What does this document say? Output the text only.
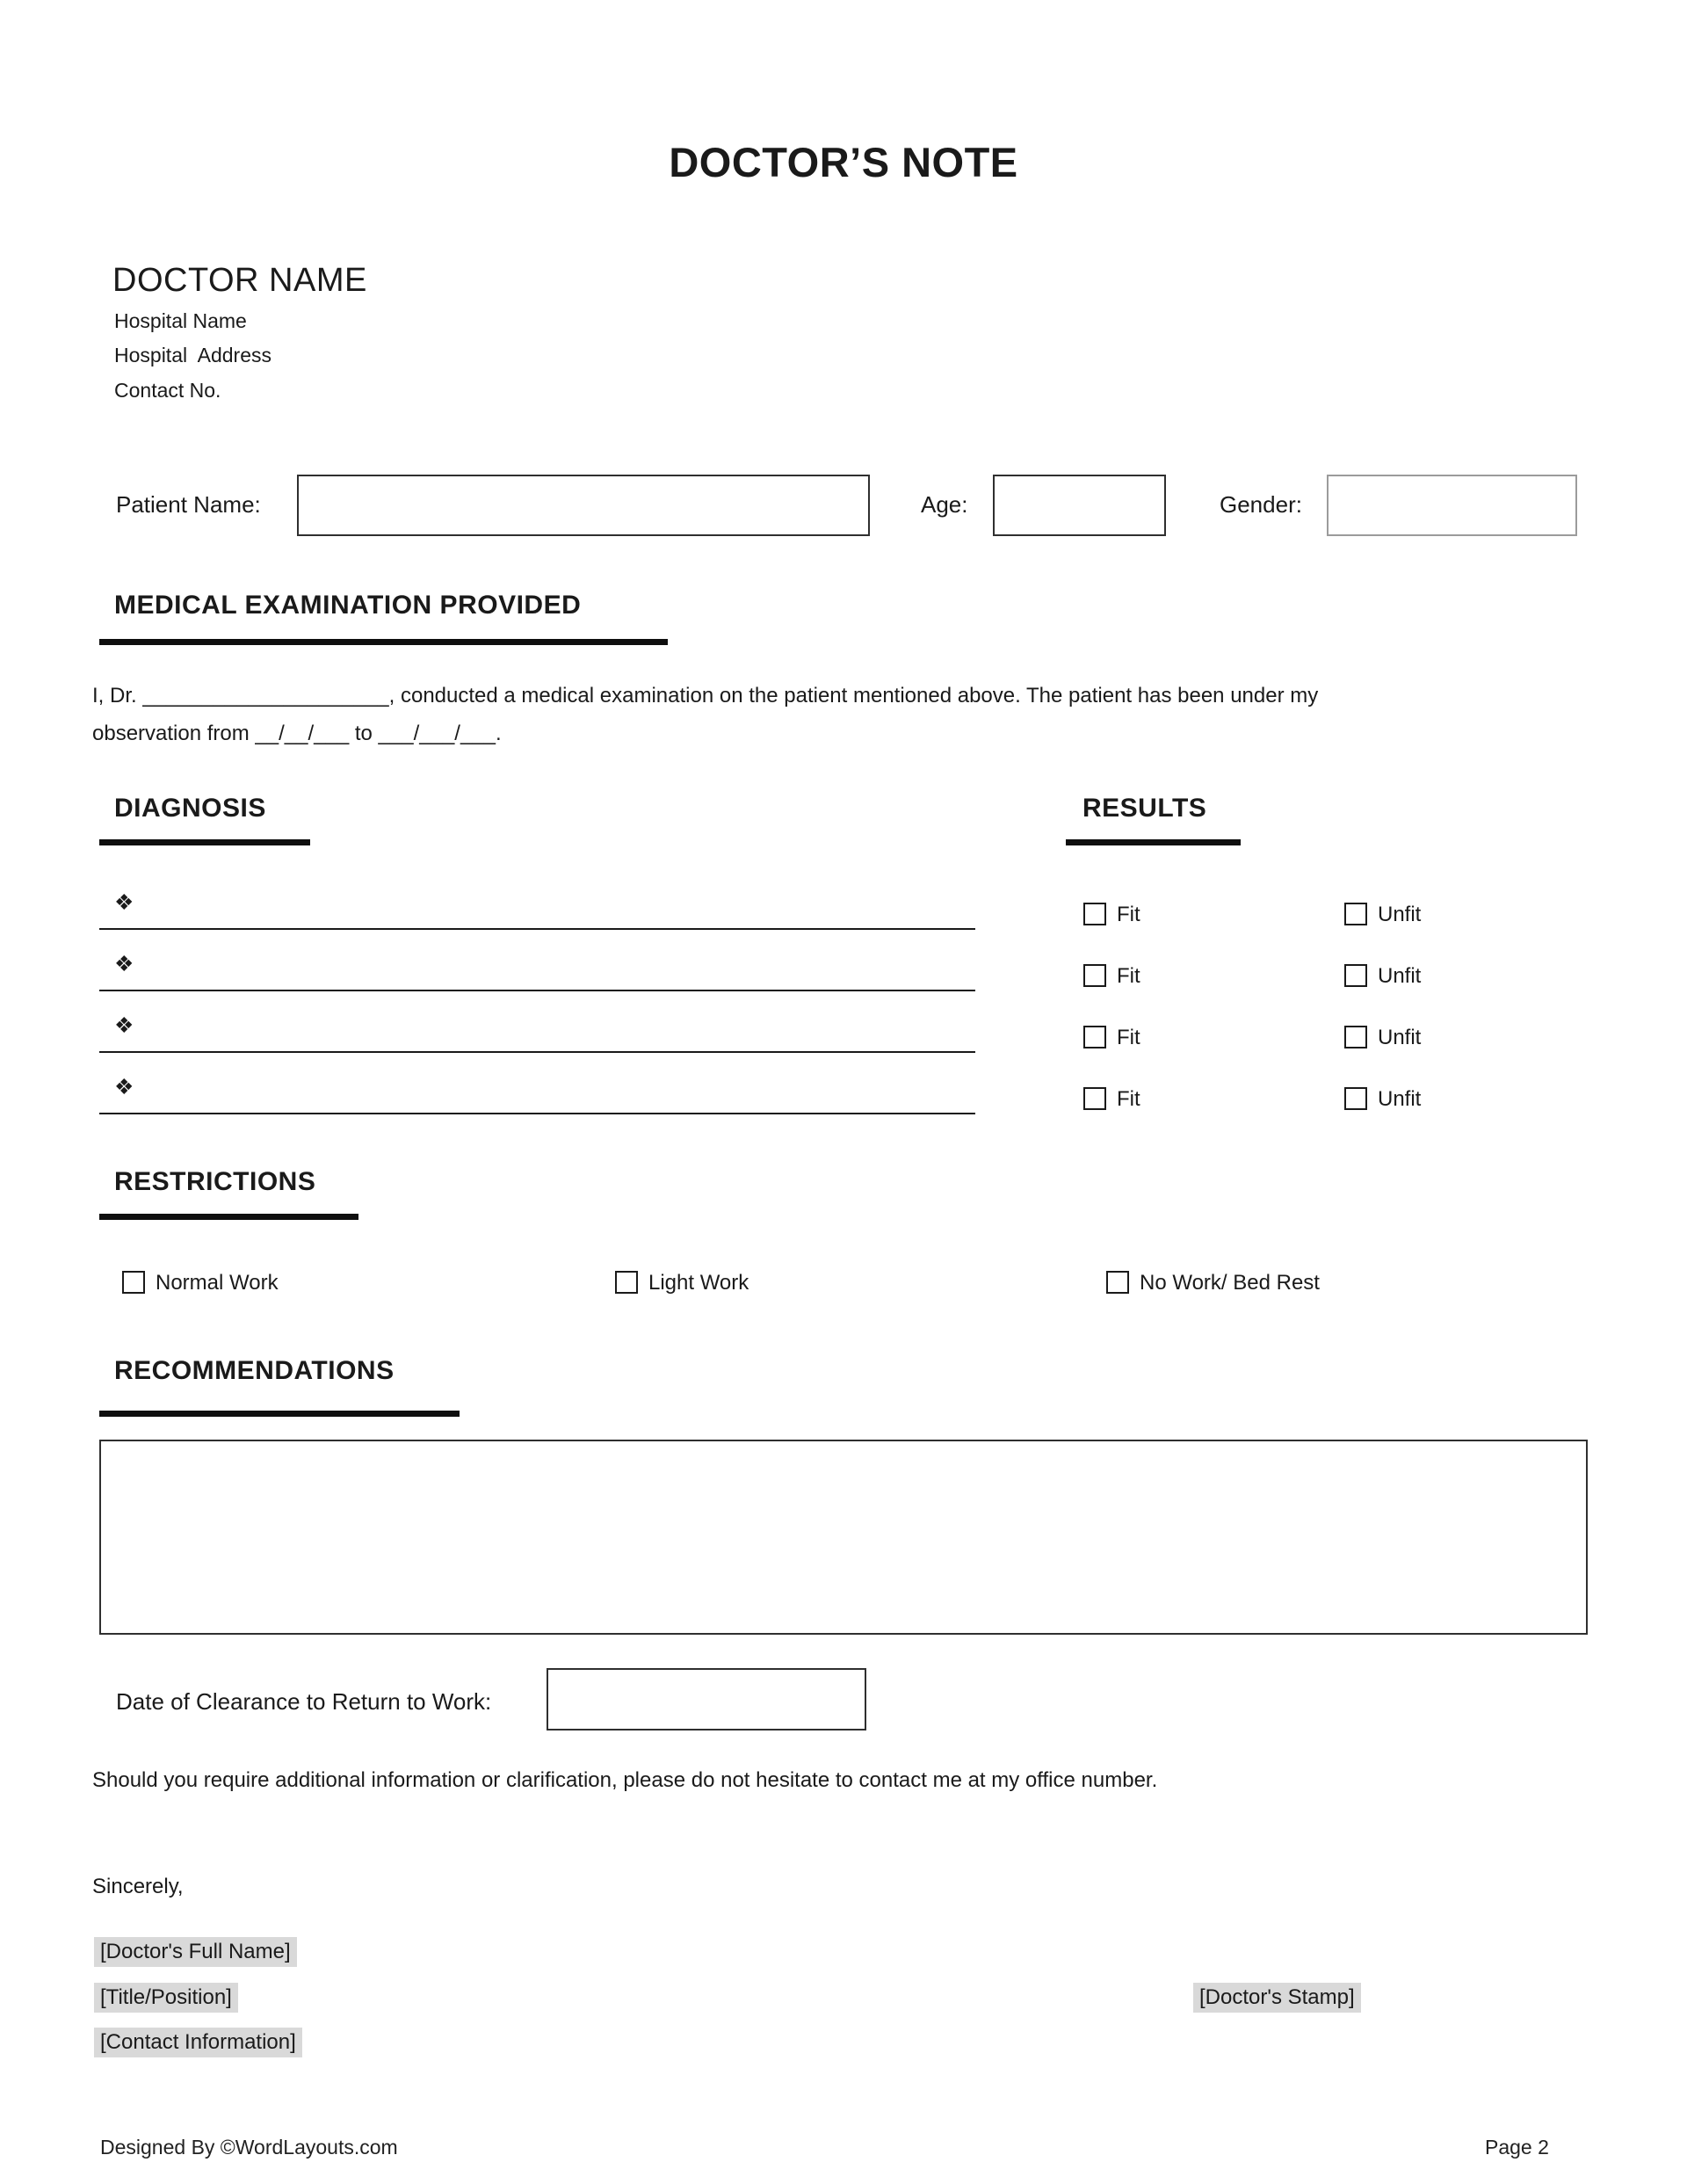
DOCTOR’S NOTE
DOCTOR NAME
Hospital Name
Hospital  Address
Contact No.
Patient Name:	Age:	Gender:
MEDICAL EXAMINATION PROVIDED
I, Dr. _____________________, conducted a medical examination on the patient mentioned above. The patient has been under my
observation from __/__/___ to ___/___/___.
DIAGNOSIS	RESULTS
❖	Fit	Unfit
❖	Fit	Unfit
❖	Fit	Unfit
❖	Fit	Unfit
RESTRICTIONS
Normal Work	Light Work	No Work/ Bed Rest
RECOMMENDATIONS
Date of Clearance to Return to Work:
Should you require additional information or clarification, please do not hesitate to contact me at my office number.
Sincerely,
[Doctor's Full Name]
[Title/Position]
[Contact Information]
[Doctor's Stamp]
Designed By ©WordLayouts.com	Page 2
